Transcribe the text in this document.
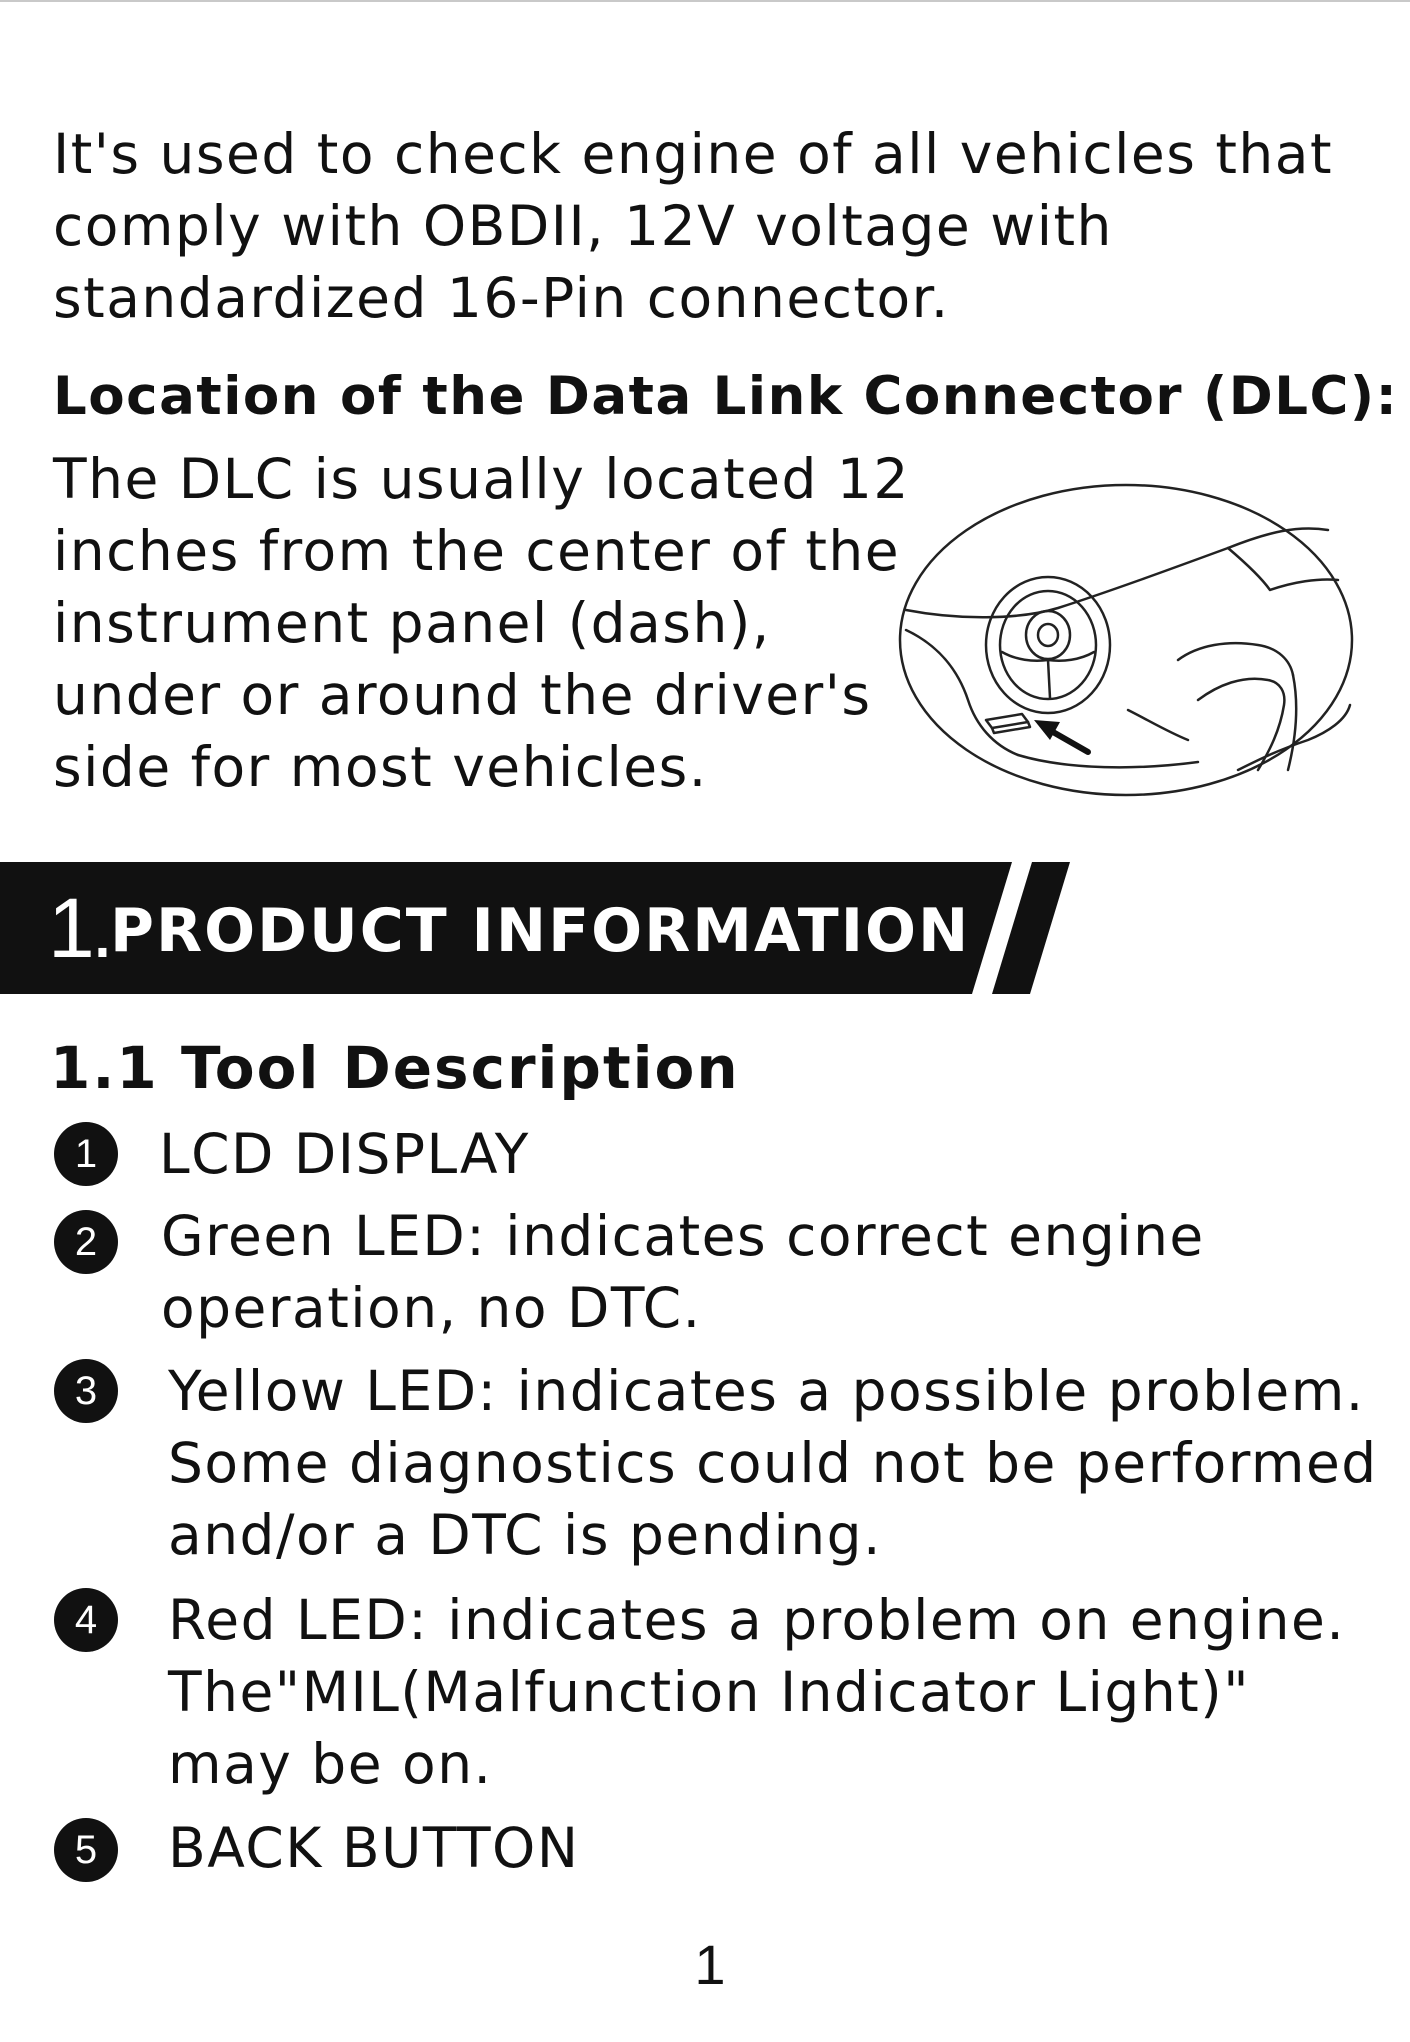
It's used to check engine of all vehicles that
comply with OBDII, 12V voltage with
standardized 16-Pin connector.

Location of the Data Link Connector (DLC):

The DLC is usually located 12
inches from the center of the
instrument panel (dash),
under or around the driver's
side for most vehicles.

1. PRODUCT INFORMATION
1.1 Tool Description
1	LCD DISPLAY
2	Green LED: indicates correct engine
operation, no DTC.
3	Yellow LED: indicates a possible problem.
Some diagnostics could not be performed
and/or a DTC is pending.
4	Red LED: indicates a problem on engine.
The"MIL(Malfunction Indicator Light)"
may be on.
5	BACK BUTTON
1
